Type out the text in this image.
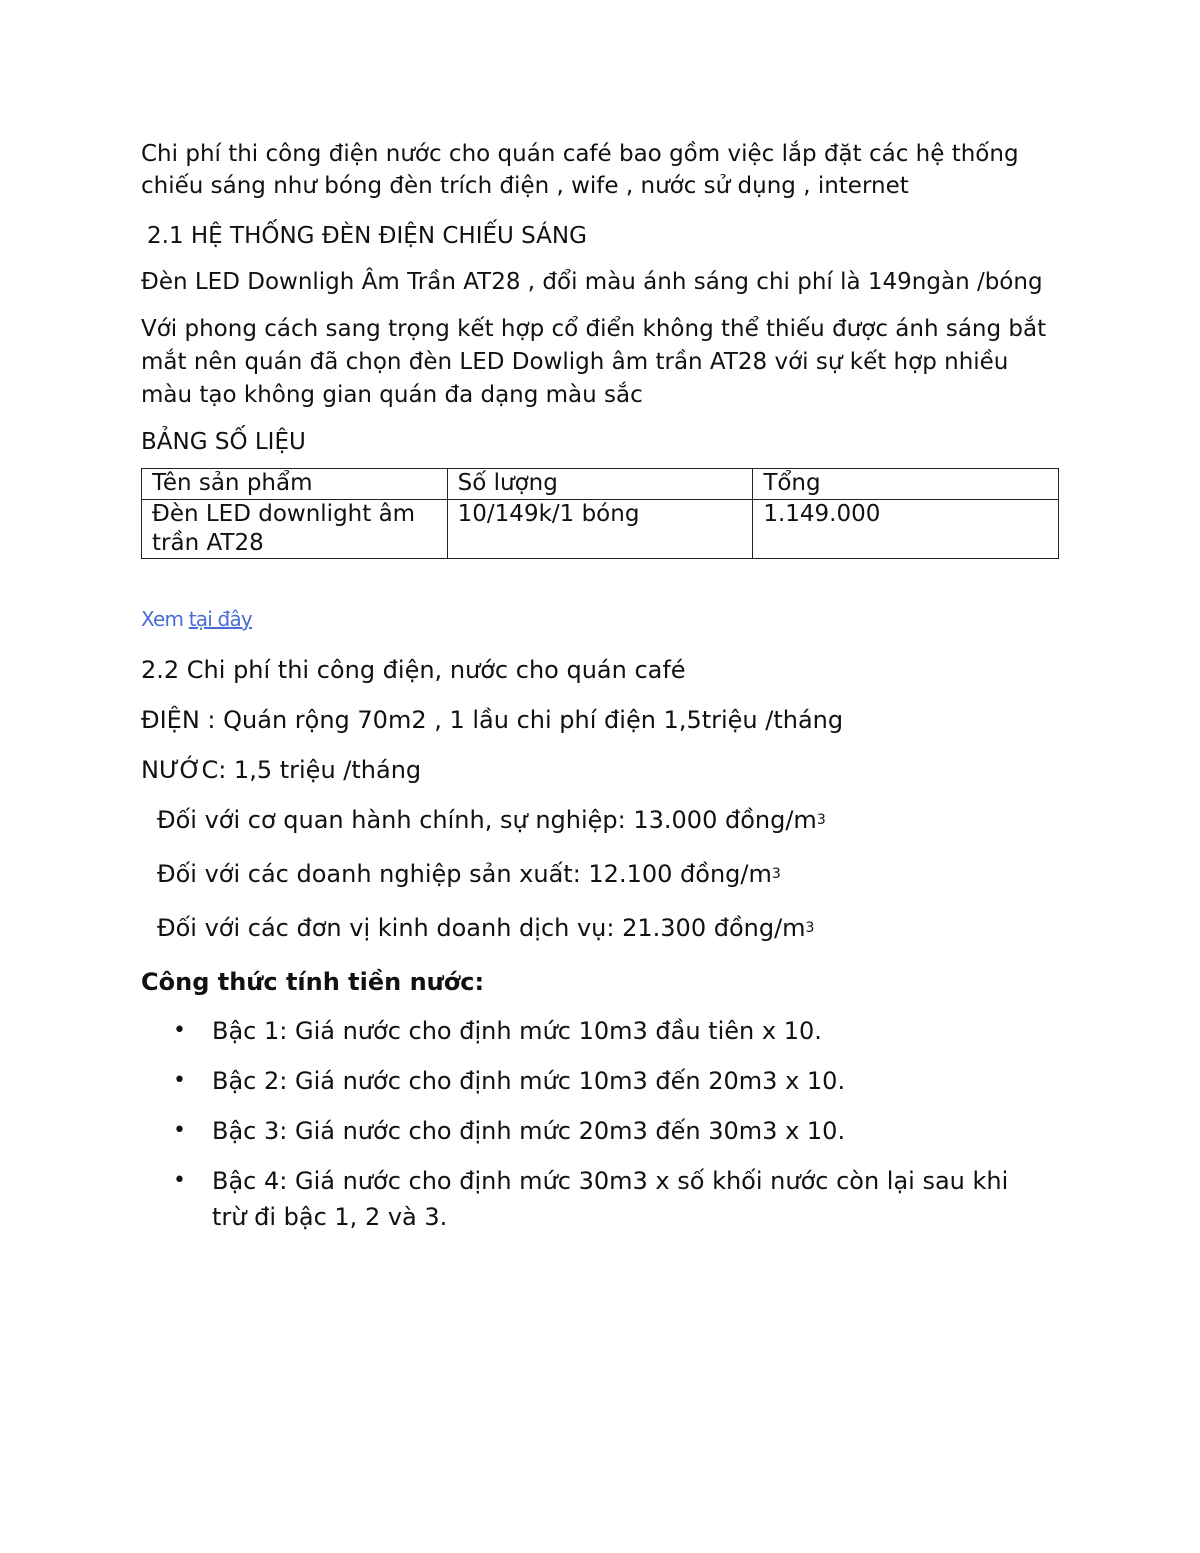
Chi phí thi công điện nước cho quán café bao gồm việc lắp đặt các hệ thống chiếu sáng như bóng đèn trích điện , wife , nước sử dụng , internet

2.1 HỆ THỐNG ĐÈN ĐIỆN CHIẾU SÁNG

Đèn LED Downligh Âm Trần AT28 , đổi màu ánh sáng chi phí là 149ngàn /bóng

Với phong cách sang trọng kết hợp cổ điển không thể thiếu được ánh sáng bắt mắt nên quán đã chọn đèn LED Dowligh âm trần AT28 với sự kết hợp nhiều màu tạo không gian quán đa dạng màu sắc

BẢNG SỐ LIỆU

Tên sản phẩm	Số lượng	Tổng
Đèn LED downlight âm trần AT28	10/149k/1 bóng	1.149.000

Xem tại đây

2.2 Chi phí thi công điện, nước cho quán café

ĐIỆN : Quán rộng 70m2 , 1 lầu chi phí điện 1,5triệu /tháng

NƯỚC: 1,5 triệu /tháng

Đối với cơ quan hành chính, sự nghiệp: 13.000 đồng/$m^3$

Đối với các doanh nghiệp sản xuất: 12.100 đồng/$m^3$

Đối với các đơn vị kinh doanh dịch vụ: 21.300 đồng/$m^3$

Công thức tính tiền nước:

• Bậc 1: Giá nước cho định mức 10m3 đầu tiên x 10.
• Bậc 2: Giá nước cho định mức 10m3 đến 20m3 x 10.
• Bậc 3: Giá nước cho định mức 20m3 đến 30m3 x 10.
• Bậc 4: Giá nước cho định mức 30m3 x số khối nước còn lại sau khi trừ đi bậc 1, 2 và 3.
